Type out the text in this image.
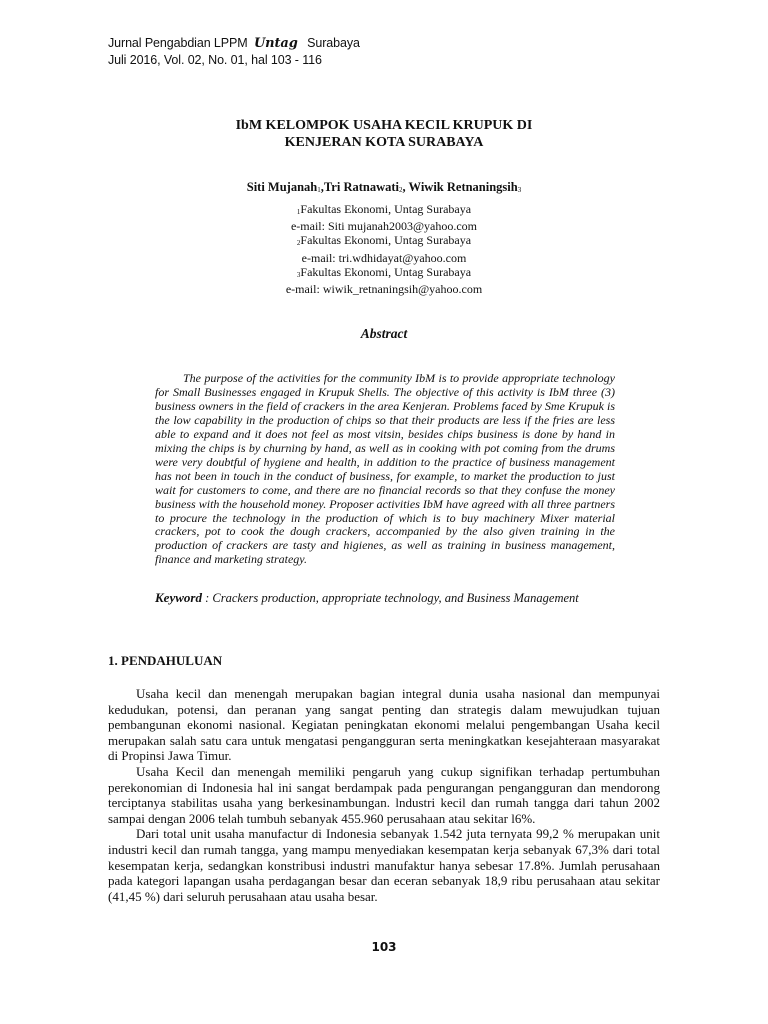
Jurnal Pengabdian LPPM Untag Surabaya
Juli 2016, Vol. 02, No. 01, hal 103 - 116
IbM KELOMPOK USAHA KECIL KRUPUK DI
KENJERAN KOTA SURABAYA
Siti Mujanah$_1$,Tri Ratnawati$_2$, Wiwik Retnaningsih$_3$
$_1$Fakultas Ekonomi, Untag Surabaya
e-mail: Siti mujanah2003@yahoo.com
$_2$Fakultas Ekonomi, Untag Surabaya
e-mail: tri.wdhidayat@yahoo.com
$_3$Fakultas Ekonomi, Untag Surabaya
e-mail: wiwik_retnaningsih@yahoo.com
Abstract
The purpose of the activities for the community IbM is to provide appropriate technology for Small Businesses engaged in Krupuk Shells. The objective of this activity is IbM three (3) business owners in the field of crackers in the area Kenjeran. Problems faced by Sme Krupuk is the low capability in the production of chips so that their products are less if the fries are less able to expand and it does not feel as most vitsin, besides chips business is done by hand in mixing the chips is by churning by hand, as well as in cooking with pot coming from the drums were very doubtful of hygiene and health, in addition to the practice of business management has not been in touch in the conduct of business, for example, to market the production to just wait for customers to come, and there are no financial records so that they confuse the money business with the household money. Proposer activities IbM have agreed with all three partners to procure the technology in the production of which is to buy machinery Mixer material crackers, pot to cook the dough crackers, accompanied by the also given training in the production of crackers are tasty and higienes, as well as training in business management, finance and marketing strategy.
Keyword : Crackers production, appropriate technology, and Business Management
1. PENDAHULUAN

Usaha kecil dan menengah merupakan bagian integral dunia usaha nasional dan mempunyai kedudukan, potensi, dan peranan yang sangat penting dan strategis dalam mewujudkan tujuan pembangunan ekonomi nasional. Kegiatan peningkatan ekonomi melalui pengembangan Usaha kecil merupakan salah satu cara untuk mengatasi pengangguran serta meningkatkan kesejahteraan masyarakat di Propinsi Jawa Timur.

Usaha Kecil dan menengah memiliki pengaruh yang cukup signifikan terhadap pertumbuhan perekonomian di Indonesia hal ini sangat berdampak pada pengurangan pengangguran dan mendorong terciptanya stabilitas usaha yang berkesinambungan. lndustri kecil dan rumah tangga dari tahun 2002 sampai dengan 2006 telah tumbuh sebanyak 455.960 perusahaan atau sekitar l6%.

Dari total unit usaha manufactur di Indonesia sebanyak 1.542 juta ternyata 99,2 % merupakan unit industri kecil dan rumah tangga, yang mampu menyediakan kesempatan kerja sebanyak 67,3% dari total kesempatan kerja, sedangkan konstribusi industri manufaktur hanya sebesar 17.8%. Jumlah perusahaan pada kategori lapangan usaha perdagangan besar dan eceran sebanyak 18,9 ribu perusahaan atau sekitar (41,45 %) dari seluruh perusahaan atau usaha besar.

103
